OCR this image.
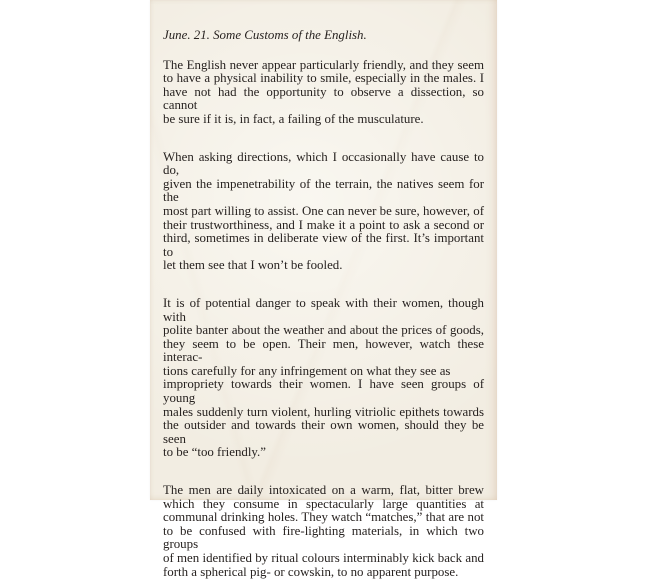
June. 21. Some Customs of the English.
The English never appear particularly friendly, and they seem
to have a physical inability to smile, especially in the males. I
have not had the opportunity to observe a dissection, so cannot
be sure if it is, in fact, a failing of the musculature.
When asking directions, which I occasionally have cause to do,
given the impenetrability of the terrain, the natives seem for the
most part willing to assist. One can never be sure, however, of
their trustworthiness, and I make it a point to ask a second or
third, sometimes in deliberate view of the first. It’s important to
let them see that I won’t be fooled.
It is of potential danger to speak with their women, though with
polite banter about the weather and about the prices of goods,
they seem to be open. Their men, however, watch these interac-
tions carefully for any infringement on what they see as
impropriety towards their women. I have seen groups of young
males suddenly turn violent, hurling vitriolic epithets towards
the outsider and towards their own women, should they be seen
to be “too friendly.”
The men are daily intoxicated on a warm, flat, bitter brew
which they consume in spectacularly large quantities at
communal drinking holes. They watch “matches,” that are not
to be confused with fire-lighting materials, in which two groups
of men identified by ritual colours interminably kick back and
forth a spherical pig- or cowskin, to no apparent purpose.
